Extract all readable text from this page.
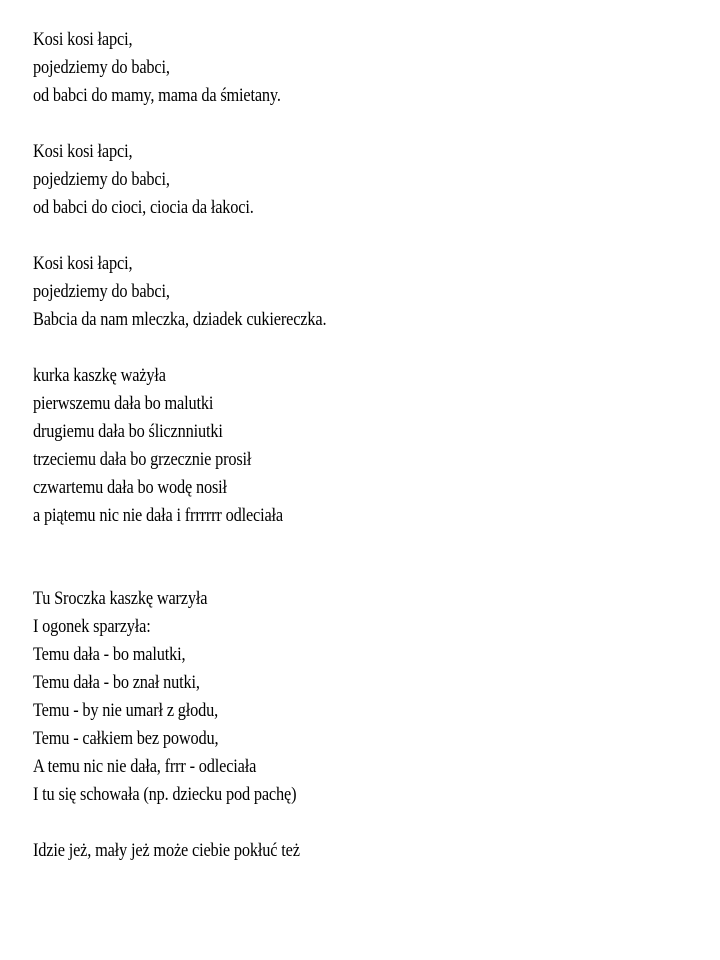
Kosi kosi łapci,

pojedziemy do babci,

od babci do mamy, mama da śmietany.

Kosi kosi łapci,

pojedziemy do babci,

od babci do cioci, ciocia da łakoci.

Kosi kosi łapci,

pojedziemy do babci,

Babcia da nam mleczka, dziadek cukiereczka.

kurka kaszkę ważyła

pierwszemu dała bo malutki

drugiemu dała bo ślicznniutki

trzeciemu dała bo grzecznie prosił

czwartemu dała bo wodę nosił

a piątemu nic nie dała i frrrrrr odleciała

Tu Sroczka kaszkę warzyła

I ogonek sparzyła:

Temu dała - bo malutki,

Temu dała - bo znał nutki,

Temu - by nie umarł z głodu,

Temu - całkiem bez powodu,

A temu nic nie dała, frrr - odleciała

I tu się schowała (np. dziecku pod pachę)

Idzie jeż, mały jeż może ciebie pokłuć też
